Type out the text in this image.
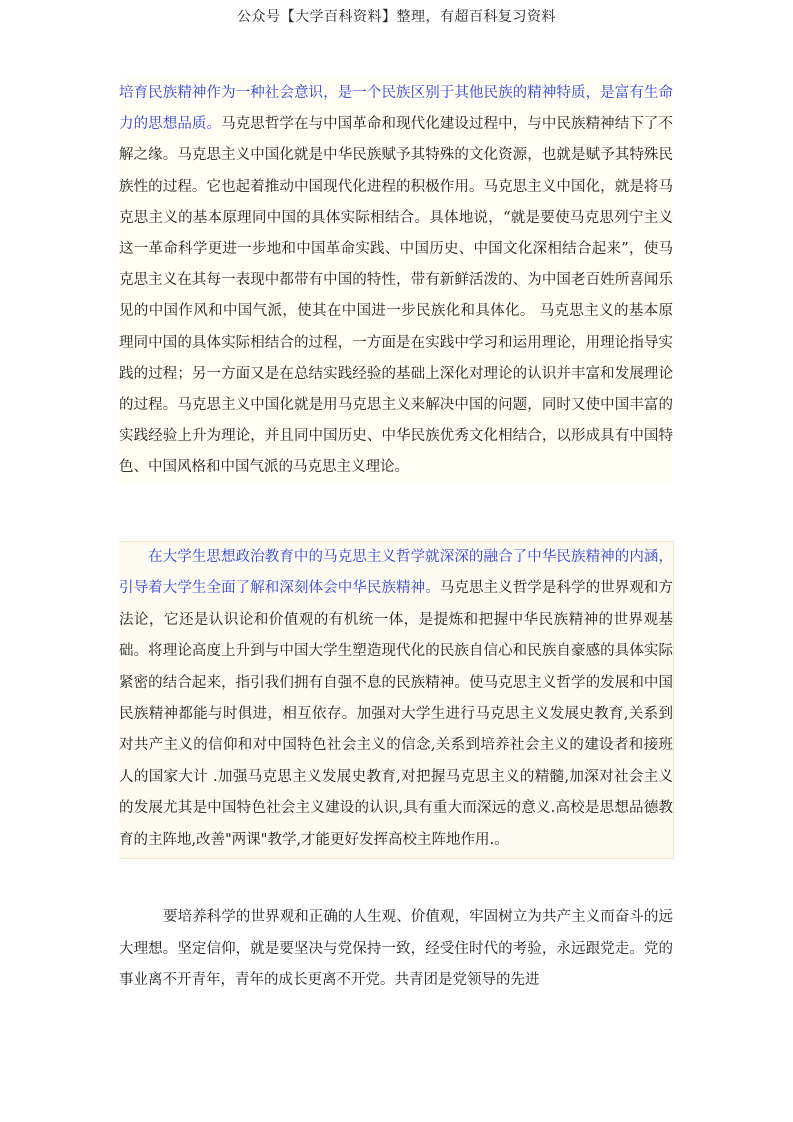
公众号【大学百科资料】整理，有超百科复习资料
培育民族精神作为一种社会意识，是一个民族区别于其他民族的精神特质，是富有生命力的思想品质。马克思哲学在与中国革命和现代化建设过程中，与中民族精神结下了不解之缘。马克思主义中国化就是中华民族赋予其特殊的文化资源，也就是赋予其特殊民族性的过程。它也起着推动中国现代化进程的积极作用。马克思主义中国化，就是将马克思主义的基本原理同中国的具体实际相结合。具体地说，“就是要使马克思列宁主义这一革命科学更进一步地和中国革命实践、中国历史、中国文化深相结合起来”，使马克思主义在其每一表现中都带有中国的特性，带有新鲜活泼的、为中国老百姓所喜闻乐见的中国作风和中国气派，使其在中国进一步民族化和具体化。 马克思主义的基本原理同中国的具体实际相结合的过程，一方面是在实践中学习和运用理论，用理论指导实践的过程；另一方面又是在总结实践经验的基础上深化对理论的认识并丰富和发展理论的过程。马克思主义中国化就是用马克思主义来解决中国的问题，同时又使中国丰富的实践经验上升为理论，并且同中国历史、中华民族优秀文化相结合，以形成具有中国特色、中国风格和中国气派的马克思主义理论。
在大学生思想政治教育中的马克思主义哲学就深深的融合了中华民族精神的内涵，引导着大学生全面了解和深刻体会中华民族精神。马克思主义哲学是科学的世界观和方法论，它还是认识论和价值观的有机统一体，是提炼和把握中华民族精神的世界观基础。将理论高度上升到与中国大学生塑造现代化的民族自信心和民族自豪感的具体实际紧密的结合起来，指引我们拥有自强不息的民族精神。使马克思主义哲学的发展和中国民族精神都能与时俱进，相互依存。加强对大学生进行马克思主义发展史教育,关系到对共产主义的信仰和对中国特色社会主义的信念,关系到培养社会主义的建设者和接班人的国家大计 .加强马克思主义发展史教育,对把握马克思主义的精髓,加深对社会主义的发展尤其是中国特色社会主义建设的认识,具有重大而深远的意义.高校是思想品德教育的主阵地,改善"两课"教学,才能更好发挥高校主阵地作用.。
要培养科学的世界观和正确的人生观、价值观，牢固树立为共产主义而奋斗的远大理想。坚定信仰，就是要坚决与党保持一致，经受住时代的考验，永远跟党走。党的事业离不开青年，青年的成长更离不开党。共青团是党领导的先进
